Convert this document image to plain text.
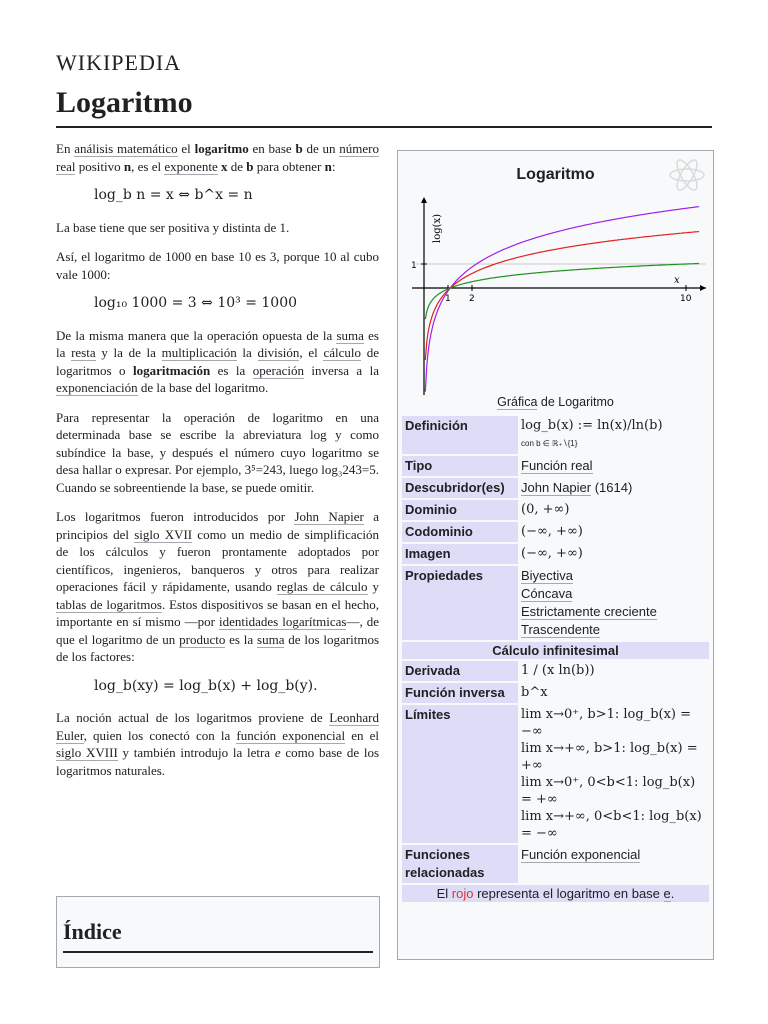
WIKIPEDIA
Logaritmo

En análisis matemático el logaritmo en base b de un número real positivo n, es el exponente x de b para obtener n:

log_b n = x ⇔ b^x = n

La base tiene que ser positiva y distinta de 1.

Así, el logaritmo de 1000 en base 10 es 3, porque 10 al cubo vale 1000:

log₁₀ 1000 = 3 ⇔ 10³ = 1000

De la misma manera que la operación opuesta de la suma es la resta y la de la multiplicación la división, el cálculo de logaritmos o logaritmación es la operación inversa a la exponenciación de la base del logaritmo.

Para representar la operación de logaritmo en una determinada base se escribe la abreviatura log y como subíndice la base, y después el número cuyo logaritmo se desa hallar o expresar. Por ejemplo, 3⁵=243, luego log₃243=5. Cuando se sobreentiende la base, se puede omitir.

Los logaritmos fueron introducidos por John Napier a principios del siglo XVII como un medio de simplificación de los cálculos y fueron prontamente adoptados por científicos, ingenieros, banqueros y otros para realizar operaciones fácil y rápidamente, usando reglas de cálculo y tablas de logaritmos. Estos dispositivos se basan en el hecho, importante en sí mismo —por identidades logarítmicas—, de que el logaritmo de un producto es la suma de los logaritmos de los factores:

log_b(xy) = log_b(x) + log_b(y).

La noción actual de los logaritmos proviene de Leonhard Euler, quien los conectó con la función exponencial en el siglo XVIII y también introdujo la letra e como base de los logaritmos naturales.

Índice
Logaritmo
1 2	10
1
x
log(x)
Gráfica de Logaritmo
Definición	log_b(x) := ln(x)/ln(b)
con b ∈ ℝ₊∖{1}

Tipo	Función real
Descubridor(es)	John Napier (1614)
Dominio	(0, +∞)
Codominio	(−∞, +∞)
Imagen	(−∞, +∞)
Propiedades	Biyectiva
Cóncava
Estrictamente creciente
Trascendente
Cálculo infinitesimal	
Derivada	1 / (x ln(b))
Función inversa	b^x
Límites	lim x→0⁺, b>1: log_b(x) = −∞
lim x→+∞, b>1: log_b(x) = +∞
lim x→0⁺, 0<b<1: log_b(x) = +∞
lim x→+∞, 0<b<1: log_b(x) = −∞

Funciones relacionadas	Función exponencial
El rojo representa el logaritmo en base e.	
